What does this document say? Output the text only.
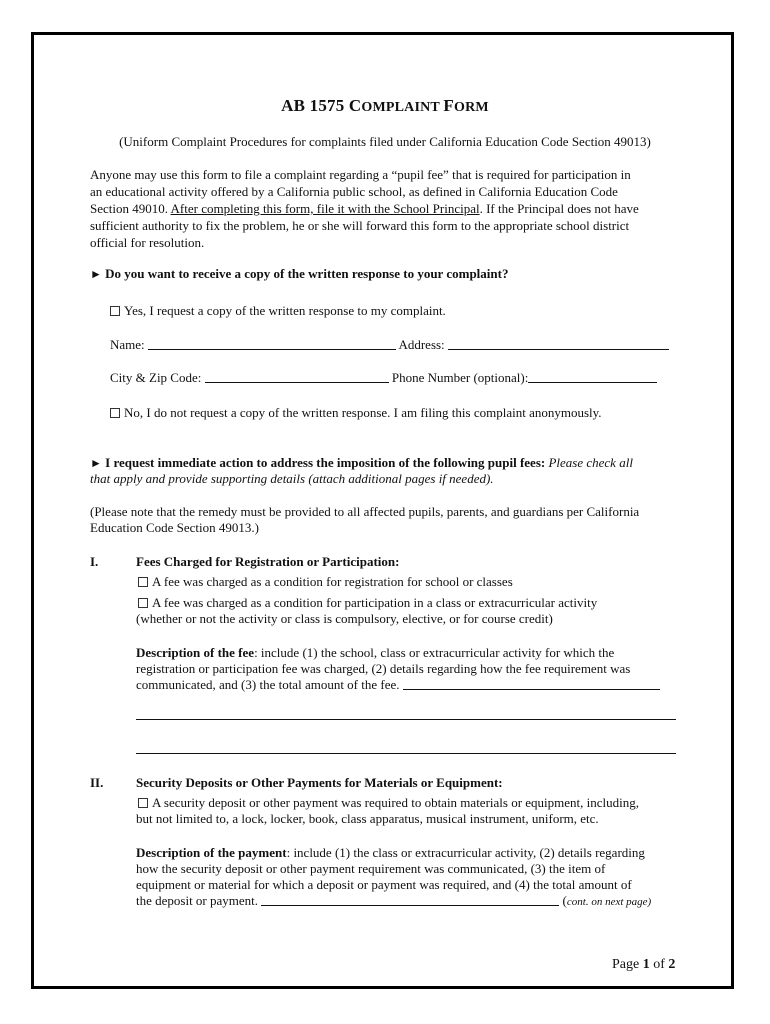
AB 1575 COMPLAINT FORM
(Uniform Complaint Procedures for complaints filed under California Education Code Section 49013)
Anyone may use this form to file a complaint regarding a “pupil fee” that is required for participation in
an educational activity offered by a California public school, as defined in California Education Code
Section 49010. After completing this form, file it with the School Principal. If the Principal does not have
sufficient authority to fix the problem, he or she will forward this form to the appropriate school district
official for resolution.
► Do you want to receive a copy of the written response to your complaint?
Yes, I request a copy of the written response to my complaint.
Name:	Address:
City & Zip Code:	Phone Number (optional):
No, I do not request a copy of the written response. I am filing this complaint anonymously.
► I request immediate action to address the imposition of the following pupil fees: Please check all
that apply and provide supporting details (attach additional pages if needed).
(Please note that the remedy must be provided to all affected pupils, parents, and guardians per California
Education Code Section 49013.)
I.	Fees Charged for Registration or Participation:
A fee was charged as a condition for registration for school or classes
A fee was charged as a condition for participation in a class or extracurricular activity
(whether or not the activity or class is compulsory, elective, or for course credit)
Description of the fee: include (1) the school, class or extracurricular activity for which the
registration or participation fee was charged, (2) details regarding how the fee requirement was
communicated, and (3) the total amount of the fee.
II.	Security Deposits or Other Payments for Materials or Equipment:
A security deposit or other payment was required to obtain materials or equipment, including,
but not limited to, a lock, locker, book, class apparatus, musical instrument, uniform, etc.
Description of the payment: include (1) the class or extracurricular activity, (2) details regarding
how the security deposit or other payment requirement was communicated, (3) the item of
equipment or material for which a deposit or payment was required, and (4) the total amount of
the deposit or payment.	(cont. on next page)
Page 1 of 2
